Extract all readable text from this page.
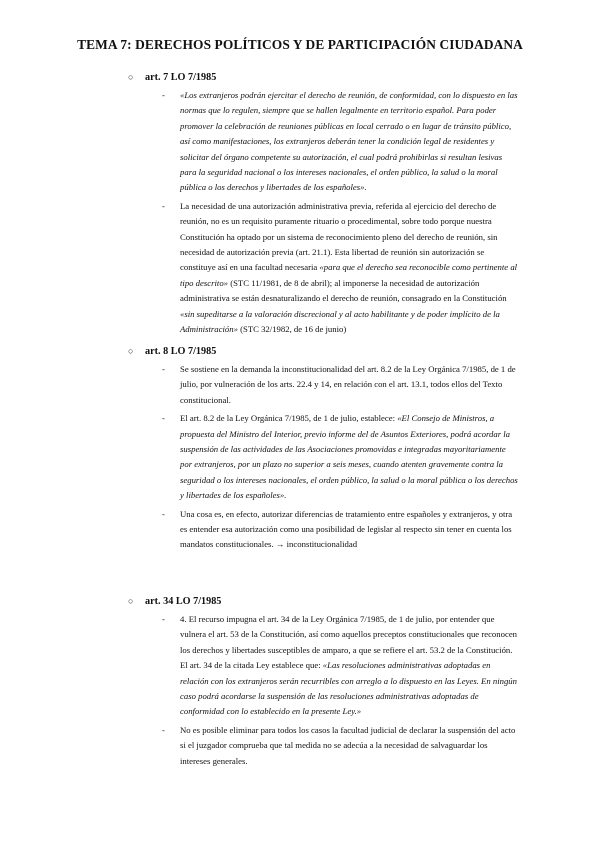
TEMA 7: DERECHOS POLÍTICOS Y DE PARTICIPACIÓN CIUDADANA
○ art. 7 LO 7/1985
- «Los extranjeros podrán ejercitar el derecho de reunión, de conformidad, con lo dispuesto en las normas que lo regulen, siempre que se hallen legalmente en territorio español. Para poder promover la celebración de reuniones públicas en local cerrado o en lugar de tránsito público, así como manifestaciones, los extranjeros deberán tener la condición legal de residentes y solicitar del órgano competente su autorización, el cual podrá prohibirlas si resultan lesivas para la seguridad nacional o los intereses nacionales, el orden público, la salud o la moral pública o los derechos y libertades de los españoles».
- La necesidad de una autorización administrativa previa, referida al ejercicio del derecho de reunión, no es un requisito puramente rituario o procedimental, sobre todo porque nuestra Constitución ha optado por un sistema de reconocimiento pleno del derecho de reunión, sin necesidad de autorización previa (art. 21.1). Esta libertad de reunión sin autorización se constituye así en una facultad necesaria «para que el derecho sea reconocible como pertinente al tipo descrito» (STC 11/1981, de 8 de abril); al imponerse la necesidad de autorización administrativa se están desnaturalizando el derecho de reunión, consagrado en la Constitución «sin supeditarse a la valoración discrecional y al acto habilitante y de poder implícito de la Administración» (STC 32/1982, de 16 de junio)
○ art. 8 LO 7/1985
- Se sostiene en la demanda la inconstitucionalidad del art. 8.2 de la Ley Orgánica 7/1985, de 1 de julio, por vulneración de los arts. 22.4 y 14, en relación con el art. 13.1, todos ellos del Texto constitucional.
- El art. 8.2 de la Ley Orgánica 7/1985, de 1 de julio, establece: «El Consejo de Ministros, a propuesta del Ministro del Interior, previo informe del de Asuntos Exteriores, podrá acordar la suspensión de las actividades de las Asociaciones promovidas e integradas mayoritariamente por extranjeros, por un plazo no superior a seis meses, cuando atenten gravemente contra la seguridad o los intereses nacionales, el orden público, la salud o la moral pública o los derechos y libertades de los españoles».
- Una cosa es, en efecto, autorizar diferencias de tratamiento entre españoles y extranjeros, y otra es entender esa autorización como una posibilidad de legislar al respecto sin tener en cuenta los mandatos constitucionales. → inconstitucionalidad
○ art. 34 LO 7/1985
- 4. El recurso impugna el art. 34 de la Ley Orgánica 7/1985, de 1 de julio, por entender que vulnera el art. 53 de la Constitución, así como aquellos preceptos constitucionales que reconocen los derechos y libertades susceptibles de amparo, a que se refiere el art. 53.2 de la Constitución. El art. 34 de la citada Ley establece que: «Las resoluciones administrativas adoptadas en relación con los extranjeros serán recurribles con arreglo a lo dispuesto en las Leyes. En ningún caso podrá acordarse la suspensión de las resoluciones administrativas adoptadas de conformidad con lo establecido en la presente Ley.»
- No es posible eliminar para todos los casos la facultad judicial de declarar la suspensión del acto si el juzgador comprueba que tal medida no se adecúa a la necesidad de salvaguardar los intereses generales.
